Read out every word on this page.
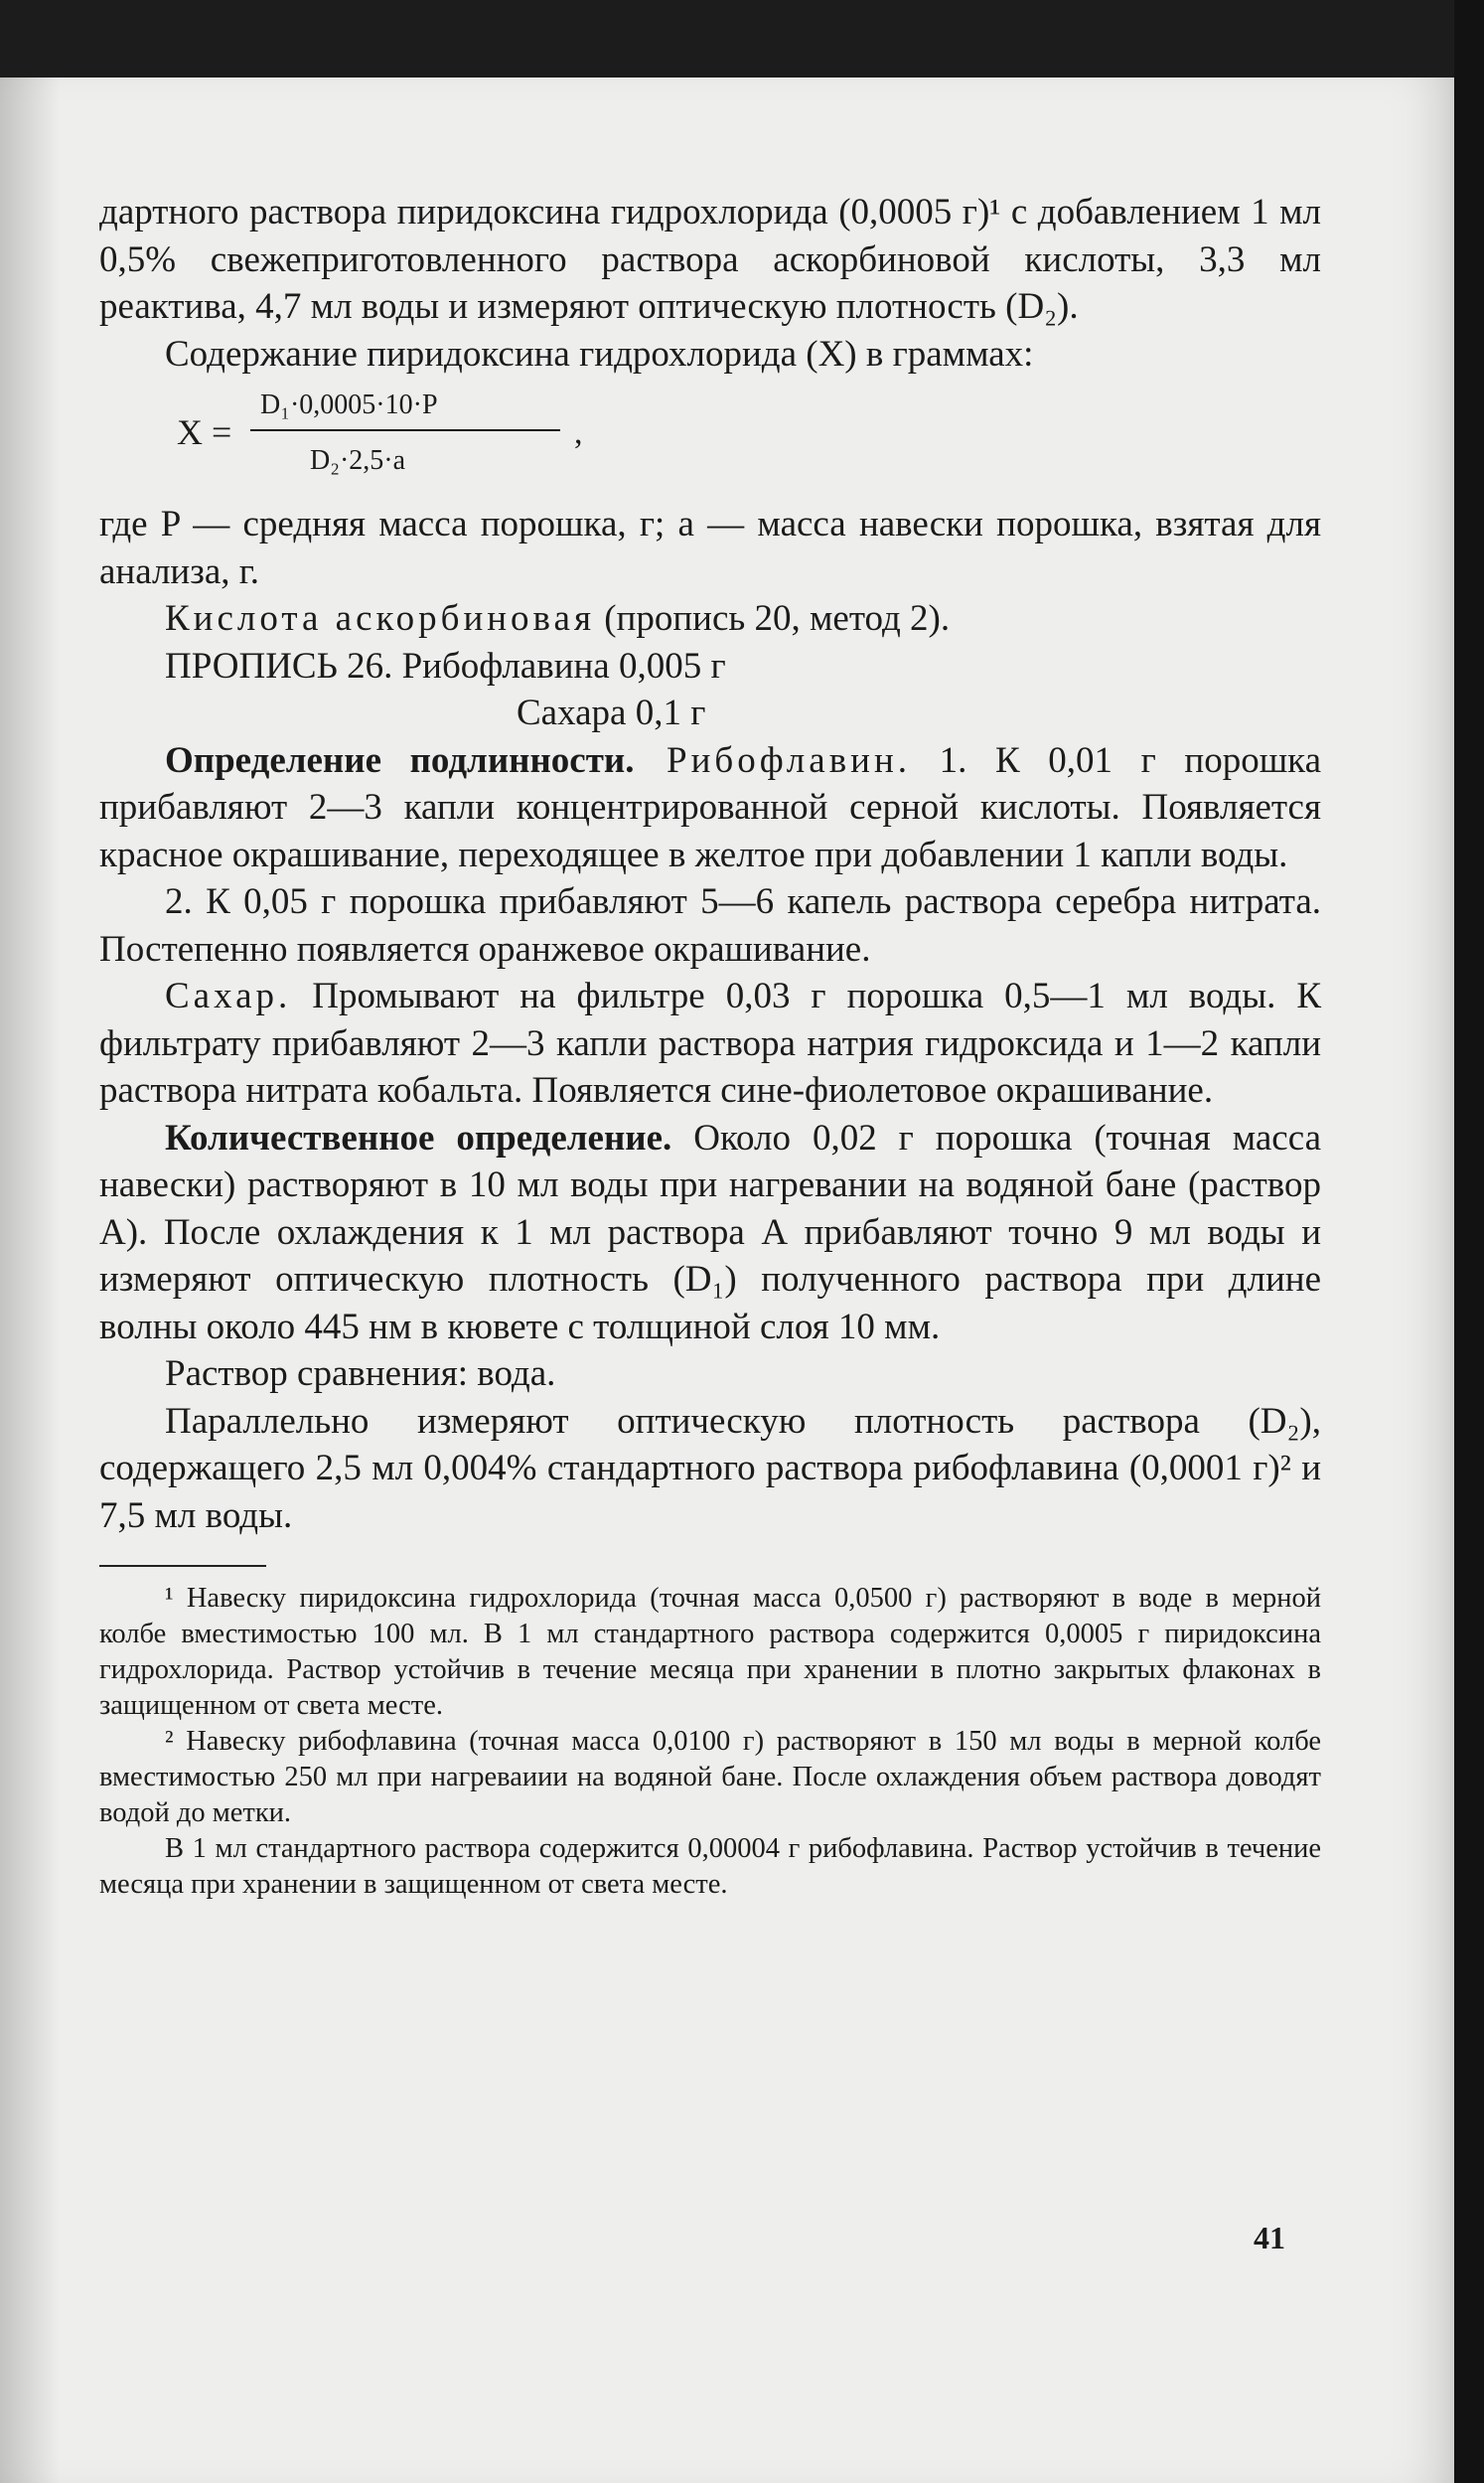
дартного раствора пиридоксина гидрохлорида (0,0005 г)¹ с добавлением 1 мл 0,5% свежеприготовленного раствора аскорбиновой кислоты, 3,3 мл реактива, 4,7 мл воды и измеряют оптическую плотность (D₂).

Содержание пиридоксина гидрохлорида (X) в граммах:

X =
D₁·0,0005·10·P
D₂·2,5·a
,

где P — средняя масса порошка, г; a — масса навески порошка, взятая для анализа, г.

Кислота аскорбиновая (пропись 20, метод 2).

ПРОПИСЬ 26. Рибофлавина 0,005 г

Сахара 0,1 г

Определение подлинности. Рибофлавин. 1. К 0,01 г порошка прибавляют 2—3 капли концентрированной серной кислоты. Появляется красное окрашивание, переходящее в желтое при добавлении 1 капли воды.

2. К 0,05 г порошка прибавляют 5—6 капель раствора серебра нитрата. Постепенно появляется оранжевое окрашивание.

Сахар. Промывают на фильтре 0,03 г порошка 0,5—1 мл воды. К фильтрату прибавляют 2—3 капли раствора натрия гидроксида и 1—2 капли раствора нитрата кобальта. Появляется сине-фиолетовое окрашивание.

Количественное определение. Около 0,02 г порошка (точная масса навески) растворяют в 10 мл воды при нагревании на водяной бане (раствор А). После охлаждения к 1 мл раствора А прибавляют точно 9 мл воды и измеряют оптическую плотность (D₁) полученного раствора при длине волны около 445 нм в кювете с толщиной слоя 10 мм.

Раствор сравнения: вода.

Параллельно измеряют оптическую плотность раствора (D₂), содержащего 2,5 мл 0,004% стандартного раствора рибофлавина (0,0001 г)² и 7,5 мл воды.

¹ Навеску пиридоксина гидрохлорида (точная масса 0,0500 г) растворяют в воде в мерной колбе вместимостью 100 мл. В 1 мл стандартного раствора содержится 0,0005 г пиридоксина гидрохлорида. Раствор устойчив в течение месяца при хранении в плотно закрытых флаконах в защищенном от света месте.

² Навеску рибофлавина (точная масса 0,0100 г) растворяют в 150 мл воды в мерной колбе вместимостью 250 мл при нагреваиии на водяной бане. После охлаждения объем раствора доводят водой до метки.

В 1 мл стандартного раствора содержится 0,00004 г рибофлавина. Раствор устойчив в течение месяца при хранении в защищенном от света месте.

41
